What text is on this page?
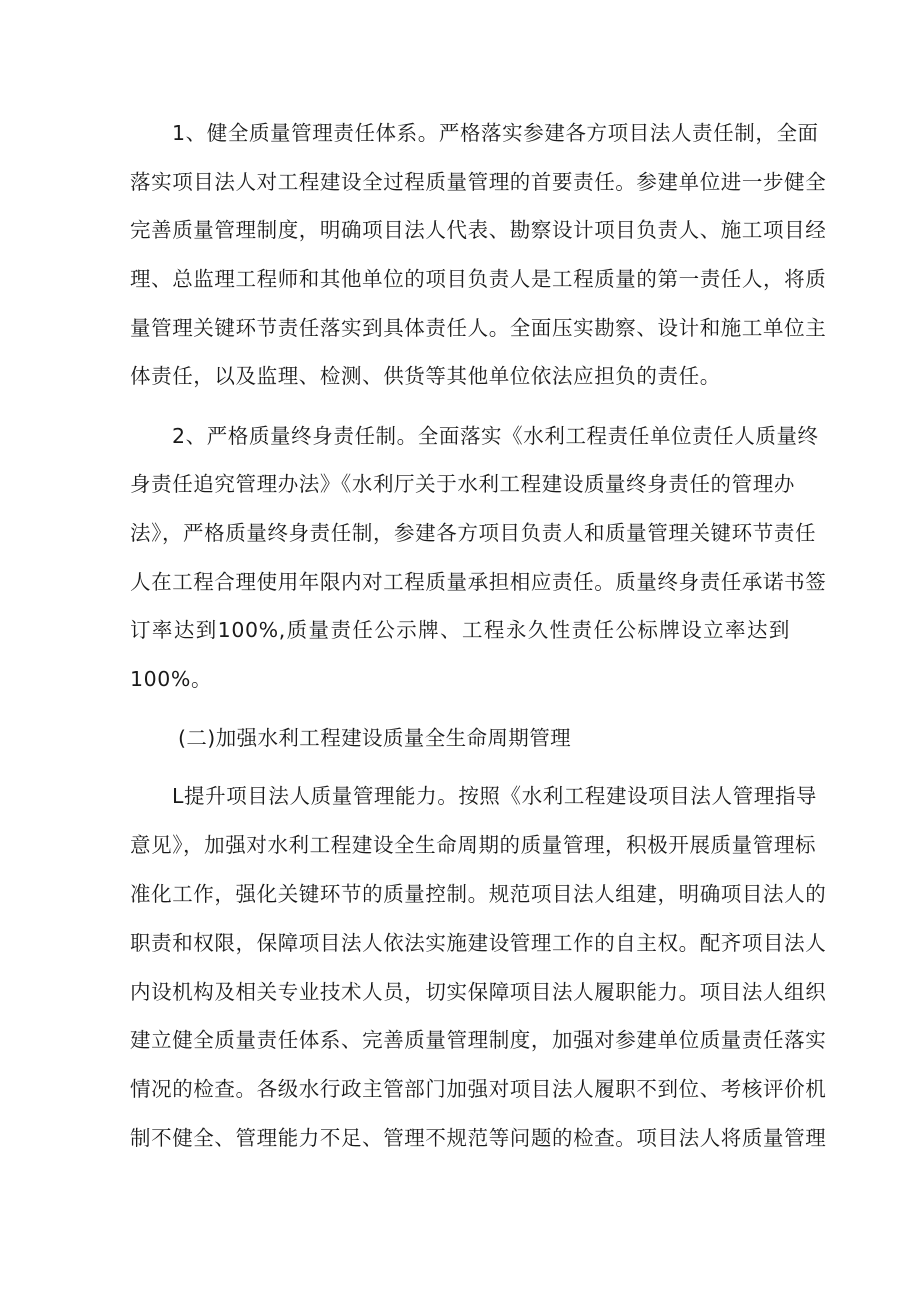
1、健全质量管理责任体系。严格落实参建各方项目法人责任制，全面
落实项目法人对工程建设全过程质量管理的首要责任。参建单位进一步健全
完善质量管理制度，明确项目法人代表、勘察设计项目负责人、施工项目经
理、总监理工程师和其他单位的项目负责人是工程质量的第一责任人，将质
量管理关键环节责任落实到具体责任人。全面压实勘察、设计和施工单位主
体责任，以及监理、检测、供货等其他单位依法应担负的责任。
2、严格质量终身责任制。全面落实《水利工程责任单位责任人质量终
身责任追究管理办法》《水利厅关于水利工程建设质量终身责任的管理办
法》，严格质量终身责任制，参建各方项目负责人和质量管理关键环节责任
人在工程合理使用年限内对工程质量承担相应责任。质量终身责任承诺书签
订率达到100%,质量责任公示牌、工程永久性责任公标牌设立率达到
100%。
(二)加强水利工程建设质量全生命周期管理
L提升项目法人质量管理能力。按照《水利工程建设项目法人管理指导
意见》，加强对水利工程建设全生命周期的质量管理，积极开展质量管理标
准化工作，强化关键环节的质量控制。规范项目法人组建，明确项目法人的
职责和权限，保障项目法人依法实施建设管理工作的自主权。配齐项目法人
内设机构及相关专业技术人员，切实保障项目法人履职能力。项目法人组织
建立健全质量责任体系、完善质量管理制度，加强对参建单位质量责任落实
情况的检查。各级水行政主管部门加强对项目法人履职不到位、考核评价机
制不健全、管理能力不足、管理不规范等问题的检查。项目法人将质量管理
